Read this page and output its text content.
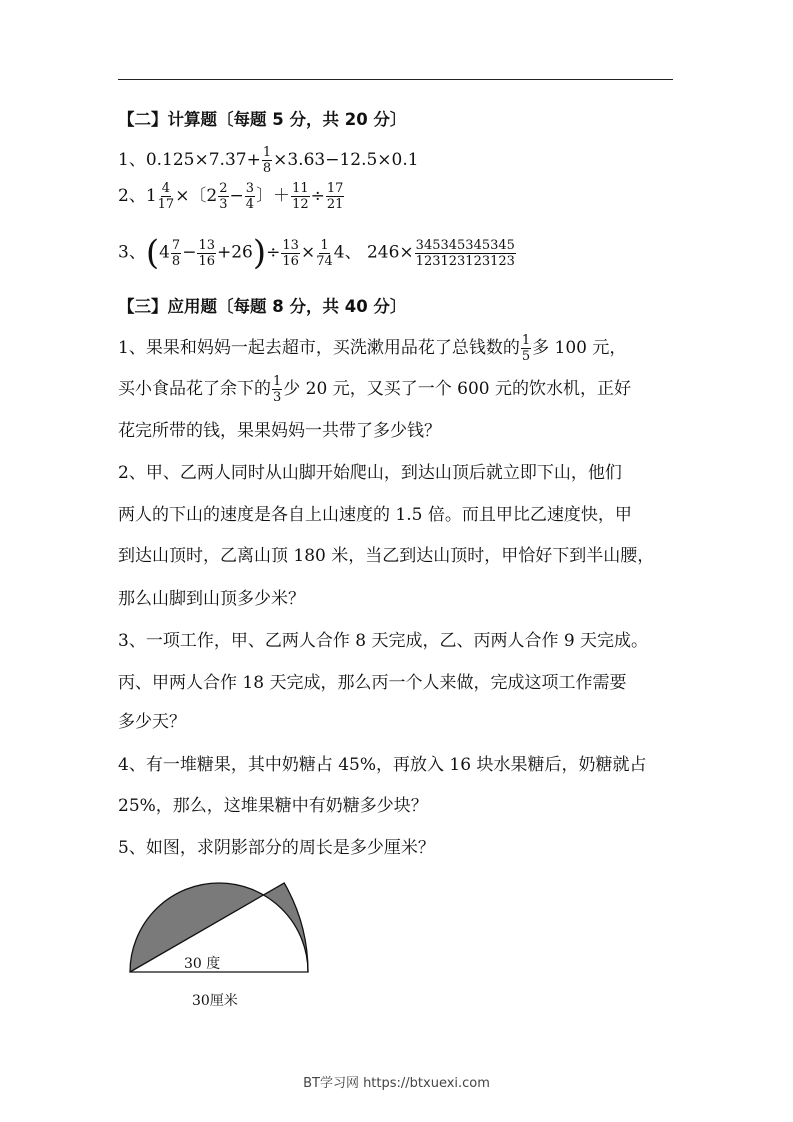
【二】计算题〔每题 5 分，共 20 分〕
1、$0.125\times 7.37+ \frac{1}{8} \times 3.63-12.5\times 0.1$
2、$1 \frac{4}{17}$ ×〔$2 \frac{2}{3} - \frac{3}{4}$ 〕＋ $\frac{11}{12} \div \frac{17}{21}$
3、$(4 \frac{7}{8} - \frac{13}{16} +26)\div \frac{13}{16} \times \frac{1}{74} 4$、 $246\times \frac{345345345345}{123123123123}$
【三】应用题〔每题 8 分，共 40 分〕
1、果果和妈妈一起去超市，买洗漱用品花了总钱数的 $\frac{1}{5}$ 多 100 元，
买小食品花了余下的 $\frac{1}{3}$ 少 20 元，又买了一个 600 元的饮水机，正好
花完所带的钱，果果妈妈一共带了多少钱？
2、甲、乙两人同时从山脚开始爬山，到达山顶后就立即下山，他们
两人的下山的速度是各自上山速度的 1.5 倍。而且甲比乙速度快，甲
到达山顶时，乙离山顶 180 米，当乙到达山顶时，甲恰好下到半山腰，
那么山脚到山顶多少米？
3、一项工作，甲、乙两人合作 8 天完成，乙、丙两人合作 9 天完成。
丙、甲两人合作 18 天完成，那么丙一个人来做，完成这项工作需要
多少天？
4、有一堆糖果，其中奶糖占 45%，再放入 16 块水果糖后，奶糖就占
25%，那么，这堆果糖中有奶糖多少块？
5、如图，求阴影部分的周长是多少厘米？
30 度
30厘米
BT学习网 https://btxuexi.com
